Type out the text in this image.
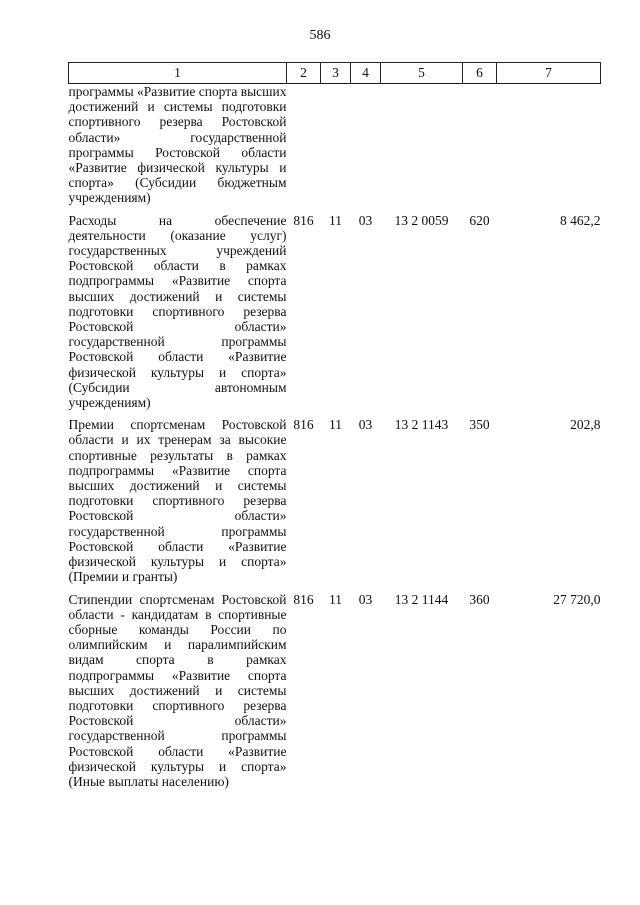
586
1	2	3	4	5	6	7
программы «Развитие спорта высших достижений и системы подготовки спортивного резерва Ростовской области» государственной программы Ростовской области «Развитие физической культуры и спорта» (Субсидии бюджетным учреждениям)						
Расходы на обеспечение деятельности (оказание услуг) государственных учреждений Ростовской области в рамках подпрограммы «Развитие спорта высших достижений и системы подготовки спортивного резерва Ростовской области» государственной программы Ростовской области «Развитие физической культуры и спорта» (Субсидии автономным учреждениям)	816	11	03	13 2 0059	620	8 462,2
Премии спортсменам Ростовской области и их тренерам за высокие спортивные результаты в рамках подпрограммы «Развитие спорта высших достижений и системы подготовки спортивного резерва Ростовской области» государственной программы Ростовской области «Развитие физической культуры и спорта» (Премии и гранты)	816	11	03	13 2 1143	350	202,8
Стипендии спортсменам Ростовской области - кандидатам в спортивные сборные команды России по олимпийским и паралимпийским видам спорта в рамках подпрограммы «Развитие спорта высших достижений и системы подготовки спортивного резерва Ростовской области» государственной программы Ростовской области «Развитие физической культуры и спорта» (Иные выплаты населению)	816	11	03	13 2 1144	360	27 720,0
